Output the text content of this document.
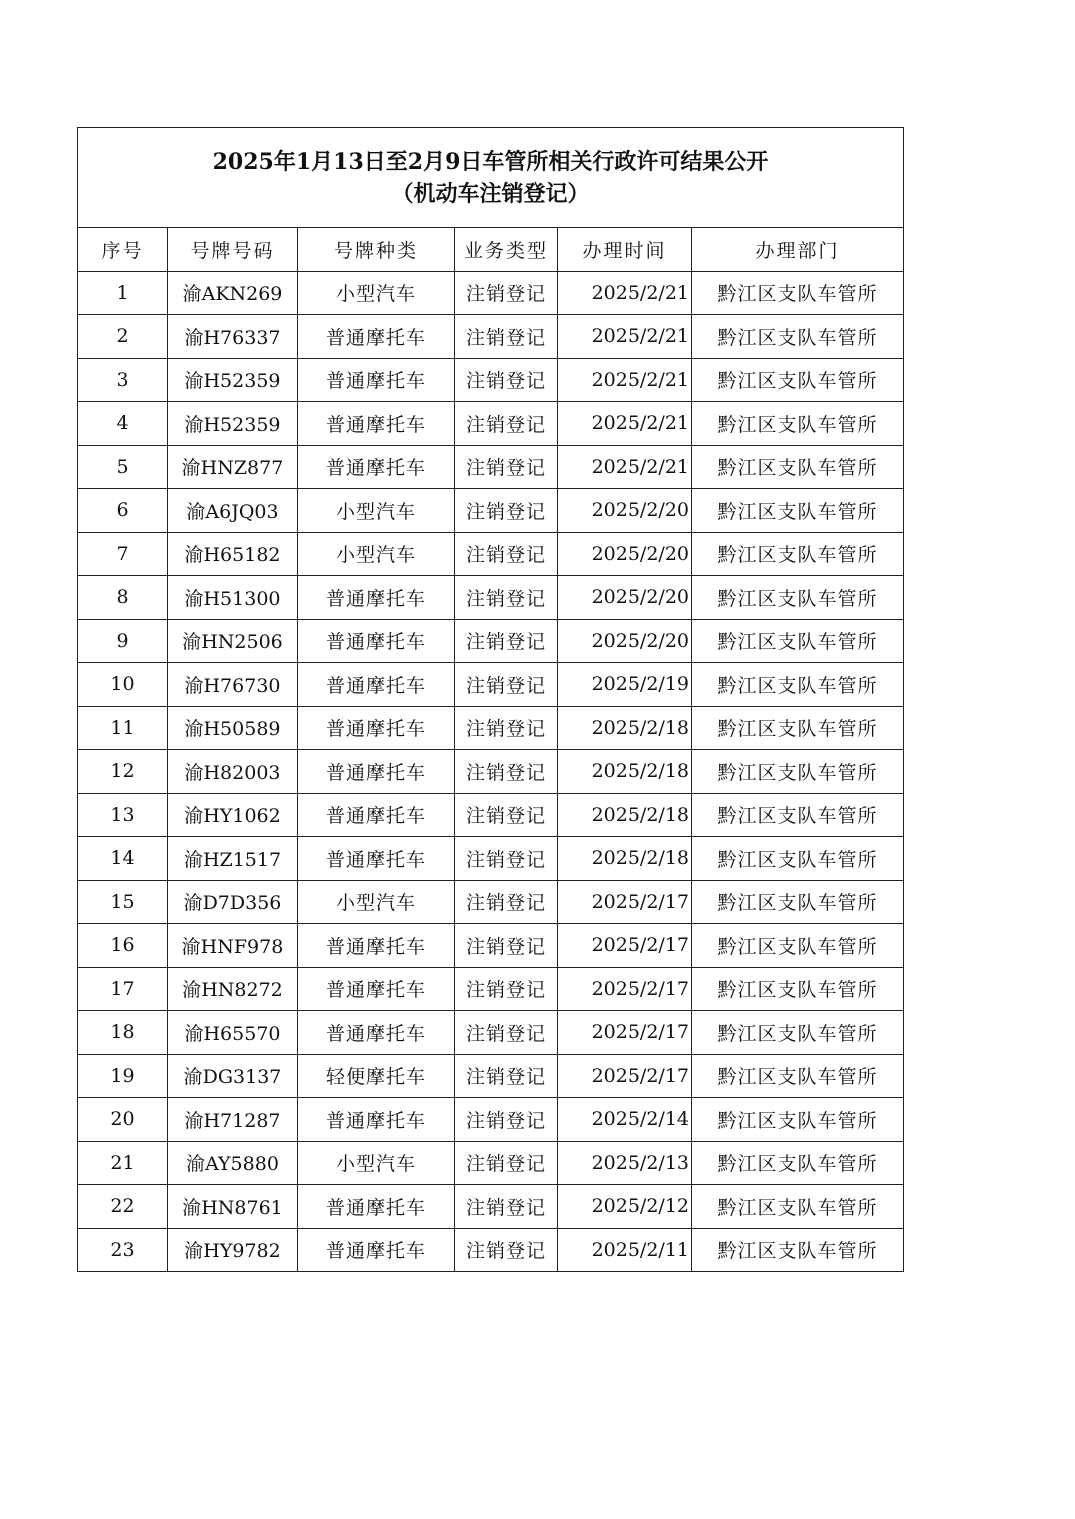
2025年1月13日至2月9日车管所相关行政许可结果公开
（机动车注销登记）					

序号	号牌号码	号牌种类	业务类型	办理时间	办理部门
1	渝AKN269	小型汽车	注销登记	2025/2/21	黔江区支队车管所
2	渝H76337	普通摩托车	注销登记	2025/2/21	黔江区支队车管所
3	渝H52359	普通摩托车	注销登记	2025/2/21	黔江区支队车管所
4	渝H52359	普通摩托车	注销登记	2025/2/21	黔江区支队车管所
5	渝HNZ877	普通摩托车	注销登记	2025/2/21	黔江区支队车管所
6	渝A6JQ03	小型汽车	注销登记	2025/2/20	黔江区支队车管所
7	渝H65182	小型汽车	注销登记	2025/2/20	黔江区支队车管所
8	渝H51300	普通摩托车	注销登记	2025/2/20	黔江区支队车管所
9	渝HN2506	普通摩托车	注销登记	2025/2/20	黔江区支队车管所
10	渝H76730	普通摩托车	注销登记	2025/2/19	黔江区支队车管所
11	渝H50589	普通摩托车	注销登记	2025/2/18	黔江区支队车管所
12	渝H82003	普通摩托车	注销登记	2025/2/18	黔江区支队车管所
13	渝HY1062	普通摩托车	注销登记	2025/2/18	黔江区支队车管所
14	渝HZ1517	普通摩托车	注销登记	2025/2/18	黔江区支队车管所
15	渝D7D356	小型汽车	注销登记	2025/2/17	黔江区支队车管所
16	渝HNF978	普通摩托车	注销登记	2025/2/17	黔江区支队车管所
17	渝HN8272	普通摩托车	注销登记	2025/2/17	黔江区支队车管所
18	渝H65570	普通摩托车	注销登记	2025/2/17	黔江区支队车管所
19	渝DG3137	轻便摩托车	注销登记	2025/2/17	黔江区支队车管所
20	渝H71287	普通摩托车	注销登记	2025/2/14	黔江区支队车管所
21	渝AY5880	小型汽车	注销登记	2025/2/13	黔江区支队车管所
22	渝HN8761	普通摩托车	注销登记	2025/2/12	黔江区支队车管所
23	渝HY9782	普通摩托车	注销登记	2025/2/11	黔江区支队车管所
